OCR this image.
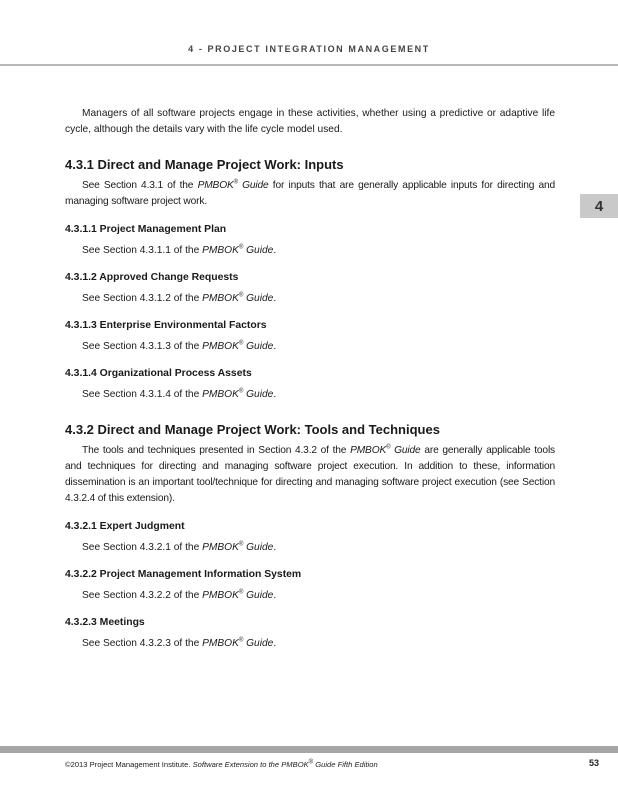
4 - PROJECT INTEGRATION MANAGEMENT
4

Managers of all software projects engage in these activities, whether using a predictive or adaptive life cycle, although the details vary with the life cycle model used.

4.3.1 Direct and Manage Project Work: Inputs

See Section 4.3.1 of the PMBOK® Guide for inputs that are generally applicable inputs for directing and managing software project work.

4.3.1.1 Project Management Plan

See Section 4.3.1.1 of the PMBOK® Guide.

4.3.1.2 Approved Change Requests

See Section 4.3.1.2 of the PMBOK® Guide.

4.3.1.3 Enterprise Environmental Factors

See Section 4.3.1.3 of the PMBOK® Guide.

4.3.1.4 Organizational Process Assets

See Section 4.3.1.4 of the PMBOK® Guide.

4.3.2 Direct and Manage Project Work: Tools and Techniques

The tools and techniques presented in Section 4.3.2 of the PMBOK® Guide are generally applicable tools and techniques for directing and managing software project execution. In addition to these, information dissemination is an important tool/technique for directing and managing software project execution (see Section 4.3.2.4 of this extension).

4.3.2.1 Expert Judgment

See Section 4.3.2.1 of the PMBOK® Guide.

4.3.2.2 Project Management Information System

See Section 4.3.2.2 of the PMBOK® Guide.

4.3.2.3 Meetings

See Section 4.3.2.3 of the PMBOK® Guide.

©2013 Project Management Institute. Software Extension to the PMBOK® Guide Fifth Edition	53
